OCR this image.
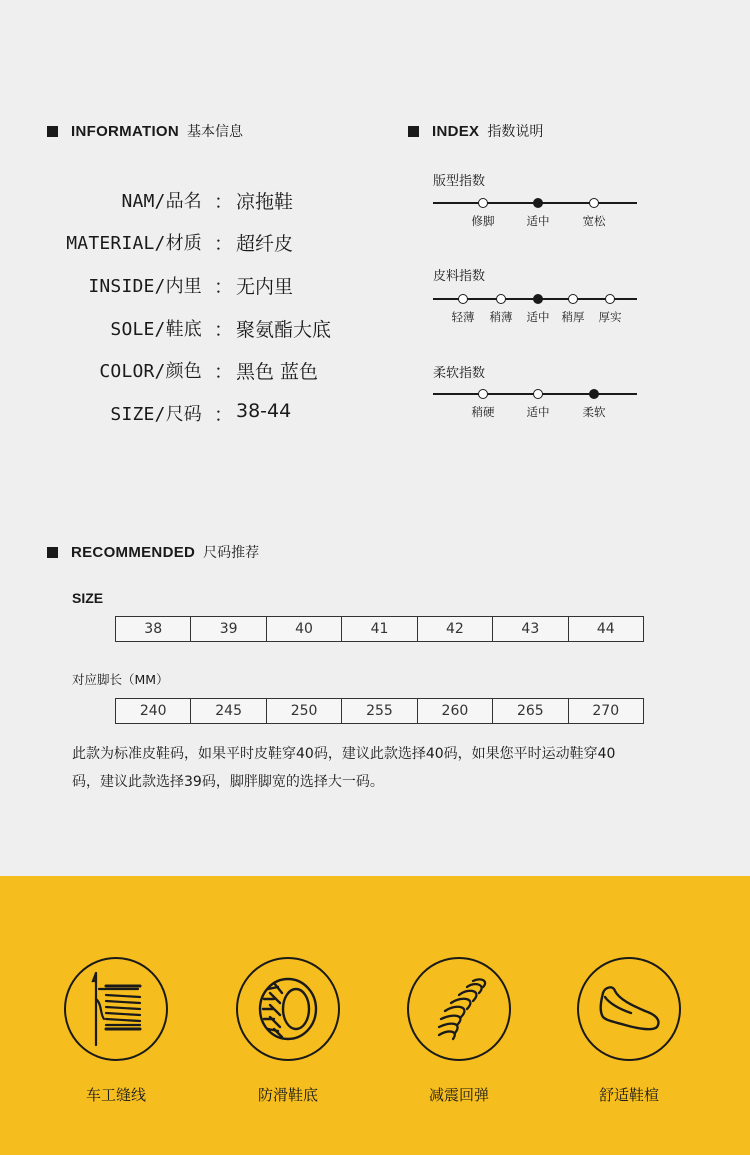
INFORMATION 基本信息
NAM/品名 ： 凉拖鞋
MATERIAL/材质 ： 超纤皮
INSIDE/内里 ： 无内里
SOLE/鞋底 ： 聚氨酯大底
COLOR/颜色 ： 黑色 蓝色
SIZE/尺码 ： 38-44
INDEX 指数说明
版型指数
皮料指数
柔软指数
修脚	适中	宽松
轻薄 稍薄 适中 稍厚 厚实
稍硬	适中	柔软
RECOMMENDED 尺码推荐
SIZE
38	39	40	41	42	43	44
对应脚长（MM）
240	245	250	255	260	265	270
此款为标准皮鞋码，如果平时皮鞋穿40码，建议此款选择40码，如果您平时运动鞋穿40
码，建议此款选择39码，脚胖脚宽的选择大一码。
车工缝线	防滑鞋底	减震回弹	舒适鞋楦
